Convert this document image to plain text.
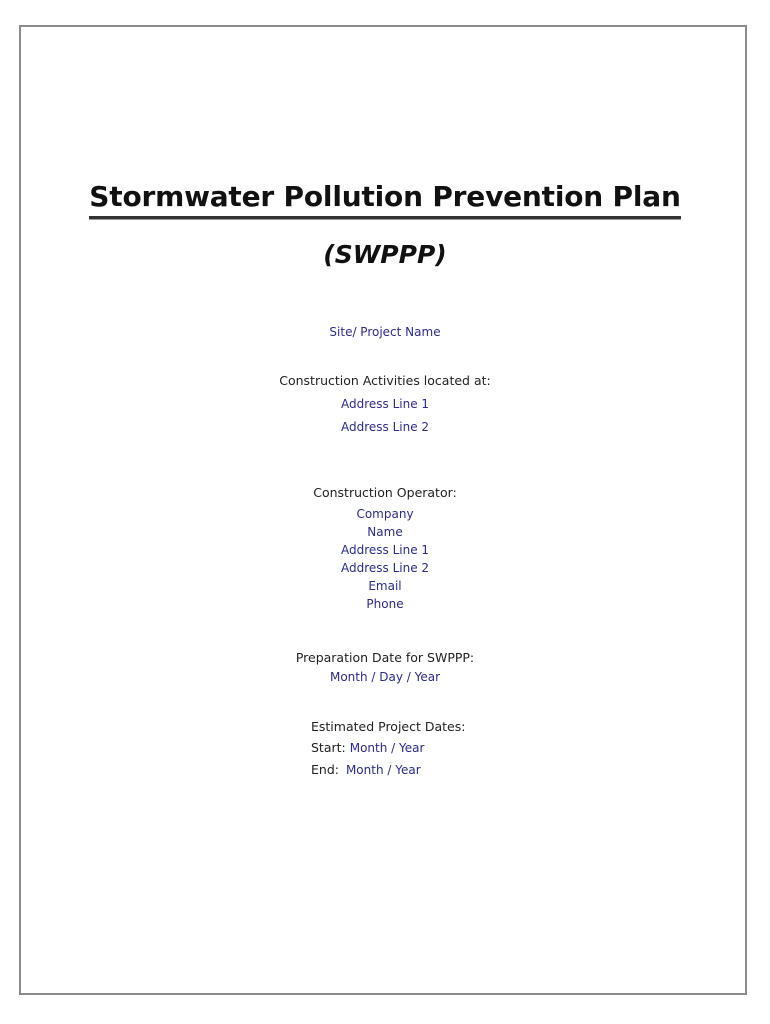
Stormwater Pollution Prevention Plan
(SWPPP)
Site/ Project Name
Construction Activities located at:
Address Line 1
Address Line 2
Construction Operator:
Company
Name
Address Line 1
Address Line 2
Email
Phone
Preparation Date for SWPPP:
Month / Day / Year
Estimated Project Dates:
Start: Month / Year
End: Month / Year
